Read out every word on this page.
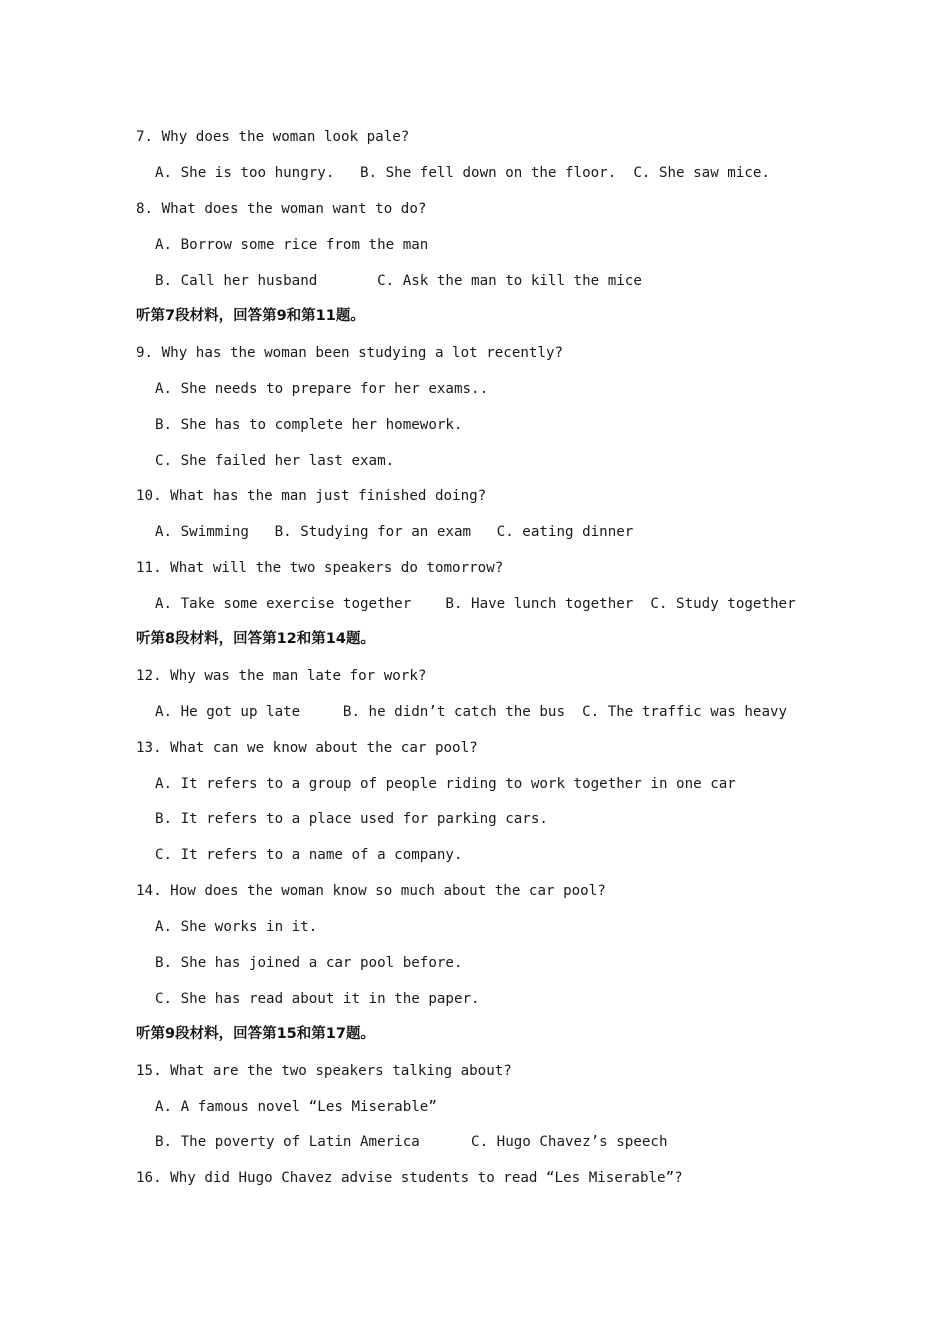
7. Why does the woman look pale?
A. She is too hungry.   B. She fell down on the floor.  C. She saw mice.
8. What does the woman want to do?
A. Borrow some rice from the man
B. Call her husband       C. Ask the man to kill the mice
听第7段材料，回答第9和第11题。
9. Why has the woman been studying a lot recently?
A. She needs to prepare for her exams..
B. She has to complete her homework.
C. She failed her last exam.
10. What has the man just finished doing?
A. Swimming   B. Studying for an exam   C. eating dinner
11. What will the two speakers do tomorrow?
A. Take some exercise together    B. Have lunch together  C. Study together
听第8段材料，回答第12和第14题。
12. Why was the man late for work?
A. He got up late     B. he didn’t catch the bus  C. The traffic was heavy
13. What can we know about the car pool?
A. It refers to a group of people riding to work together in one car
B. It refers to a place used for parking cars.
C. It refers to a name of a company.
14. How does the woman know so much about the car pool?
A. She works in it.
B. She has joined a car pool before.
C. She has read about it in the paper.
听第9段材料，回答第15和第17题。
15. What are the two speakers talking about?
A. A famous novel “Les Miserable”
B. The poverty of Latin America      C. Hugo Chavez’s speech
16. Why did Hugo Chavez advise students to read “Les Miserable”?
